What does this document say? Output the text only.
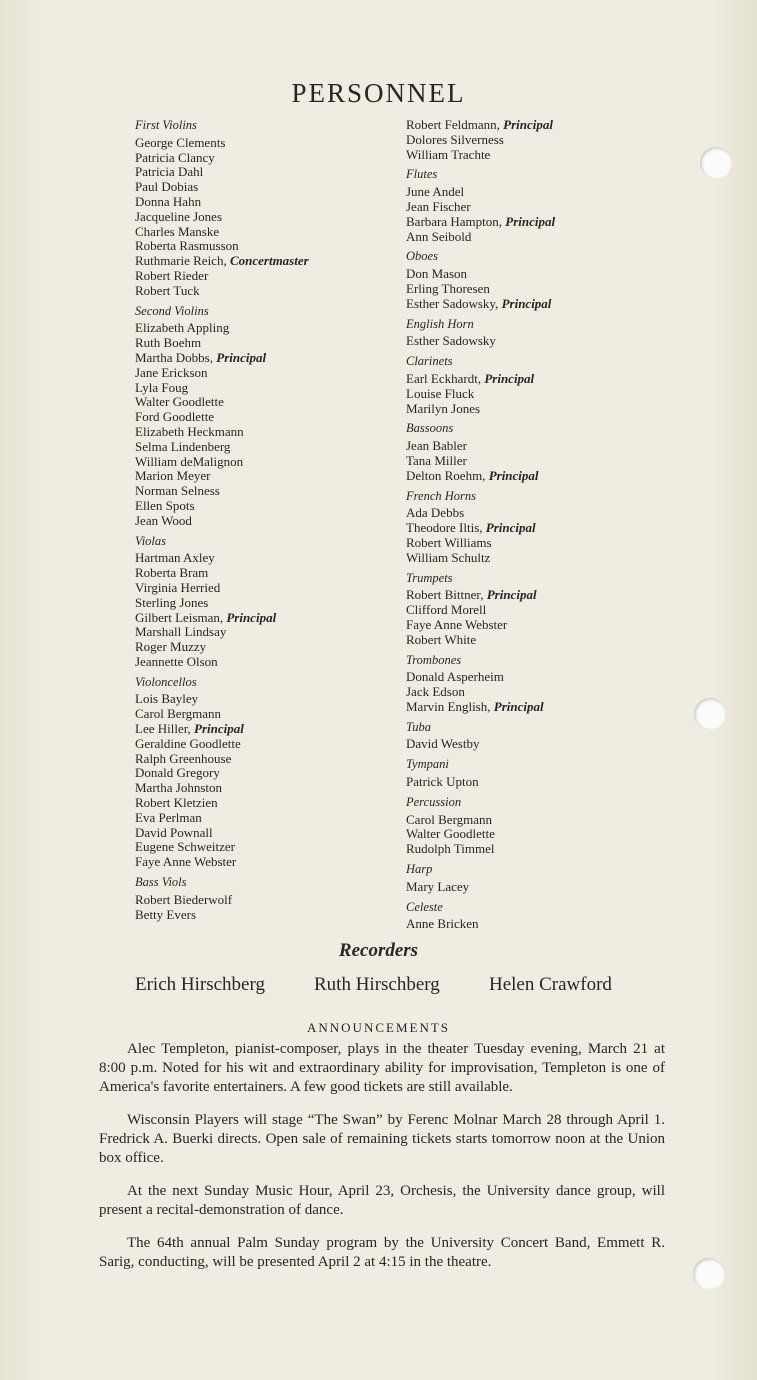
PERSONNEL
First Violins
George Clements
Patricia Clancy
Patricia Dahl
Paul Dobias
Donna Hahn
Jacqueline Jones
Charles Manske
Roberta Rasmusson
Ruthmarie Reich, Concertmaster
Robert Rieder
Robert Tuck
Second Violins
Elizabeth Appling
Ruth Boehm
Martha Dobbs, Principal
Jane Erickson
Lyla Foug
Walter Goodlette
Ford Goodlette
Elizabeth Heckmann
Selma Lindenberg
William deMalignon
Marion Meyer
Norman Selness
Ellen Spots
Jean Wood
Violas
Hartman Axley
Roberta Bram
Virginia Herried
Sterling Jones
Gilbert Leisman, Principal
Marshall Lindsay
Roger Muzzy
Jeannette Olson
Violoncellos
Lois Bayley
Carol Bergmann
Lee Hiller, Principal
Geraldine Goodlette
Ralph Greenhouse
Donald Gregory
Martha Johnston
Robert Kletzien
Eva Perlman
David Pownall
Eugene Schweitzer
Faye Anne Webster
Bass Viols
Robert Biederwolf
Betty Evers
Robert Feldmann, Principal
Dolores Silverness
William Trachte
Flutes
June Andel
Jean Fischer
Barbara Hampton, Principal
Ann Seibold
Oboes
Don Mason
Erling Thoresen
Esther Sadowsky, Principal
English Horn
Esther Sadowsky
Clarinets
Earl Eckhardt, Principal
Louise Fluck
Marilyn Jones
Bassoons
Jean Babler
Tana Miller
Delton Roehm, Principal
French Horns
Ada Debbs
Theodore Iltis, Principal
Robert Williams
William Schultz
Trumpets
Robert Bittner, Principal
Clifford Morell
Faye Anne Webster
Robert White
Trombones
Donald Asperheim
Jack Edson
Marvin English, Principal
Tuba
David Westby
Tympani
Patrick Upton
Percussion
Carol Bergmann
Walter Goodlette
Rudolph Timmel
Harp
Mary Lacey
Celeste
Anne Bricken
Recorders
Erich Hirschberg	Ruth Hirschberg	Helen Crawford
ANNOUNCEMENTS

Alec Templeton, pianist-composer, plays in the theater Tuesday evening, March 21 at 8:00 p.m. Noted for his wit and extraordinary ability for improvisation, Templeton is one of America's favorite entertainers. A few good tickets are still available.

Wisconsin Players will stage “The Swan” by Ferenc Molnar March 28 through April 1. Fredrick A. Buerki directs. Open sale of remaining tickets starts tomorrow noon at the Union box office.

At the next Sunday Music Hour, April 23, Orchesis, the University dance group, will present a recital-demonstration of dance.

The 64th annual Palm Sunday program by the University Concert Band, Emmett R. Sarig, conducting, will be presented April 2 at 4:15 in the theatre.
